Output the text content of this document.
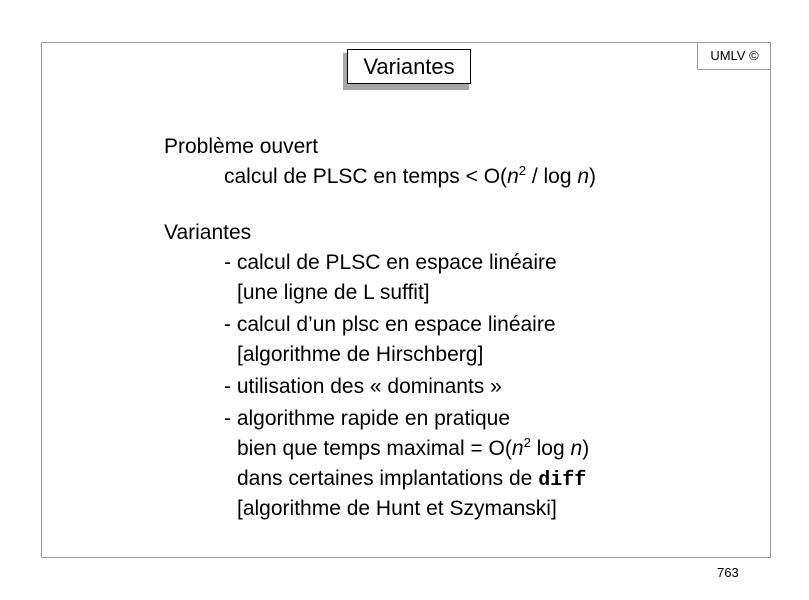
Variantes	UMLV ©
Problème ouvert
calcul de PLSC en temps < $O(n^2$ / log n)
Variantes
- calcul de PLSC en espace linéaire
[une ligne de L suffit]
- calcul d’un plsc en espace linéaire
[algorithme de Hirschberg]
- utilisation des « dominants »
- algorithme rapide en pratique
bien que temps maximal = $O(n^2$ log n)
dans certaines implantations de diff
[algorithme de Hunt et Szymanski]
763
